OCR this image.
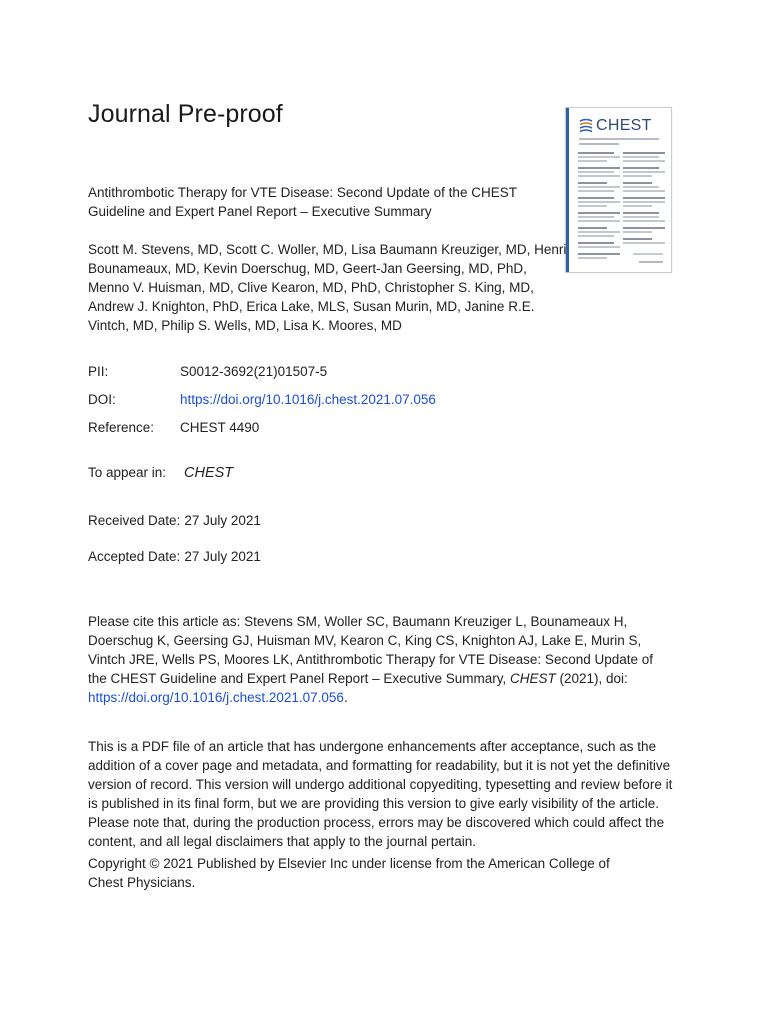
Journal Pre-proof	CHEST
Antithrombotic Therapy for VTE Disease: Second Update of the CHEST Guideline and Expert Panel Report – Executive Summary
Scott M. Stevens, MD, Scott C. Woller, MD, Lisa Baumann Kreuziger, MD, Henri Bounameaux, MD, Kevin Doerschug, MD, Geert-Jan Geersing, MD, PhD, Menno V. Huisman, MD, Clive Kearon, MD, PhD, Christopher S. King, MD, Andrew J. Knighton, PhD, Erica Lake, MLS, Susan Murin, MD, Janine R.E. Vintch, MD, Philip S. Wells, MD, Lisa K. Moores, MD
PII:	S0012-3692(21)01507-5
DOI:	https://doi.org/10.1016/j.chest.2021.07.056
Reference: CHEST 4490
To appear in: CHEST
Received Date: 27 July 2021
Accepted Date: 27 July 2021
Please cite this article as: Stevens SM, Woller SC, Baumann Kreuziger L, Bounameaux H, Doerschug K, Geersing GJ, Huisman MV, Kearon C, King CS, Knighton AJ, Lake E, Murin S, Vintch JRE, Wells PS, Moores LK, Antithrombotic Therapy for VTE Disease: Second Update of the CHEST Guideline and Expert Panel Report – Executive Summary, CHEST (2021), doi: https://doi.org/10.1016/j.chest.2021.07.056.
This is a PDF file of an article that has undergone enhancements after acceptance, such as the addition of a cover page and metadata, and formatting for readability, but it is not yet the definitive version of record. This version will undergo additional copyediting, typesetting and review before it is published in its final form, but we are providing this version to give early visibility of the article. Please note that, during the production process, errors may be discovered which could affect the content, and all legal disclaimers that apply to the journal pertain.
Copyright © 2021 Published by Elsevier Inc under license from the American College of Chest Physicians.
